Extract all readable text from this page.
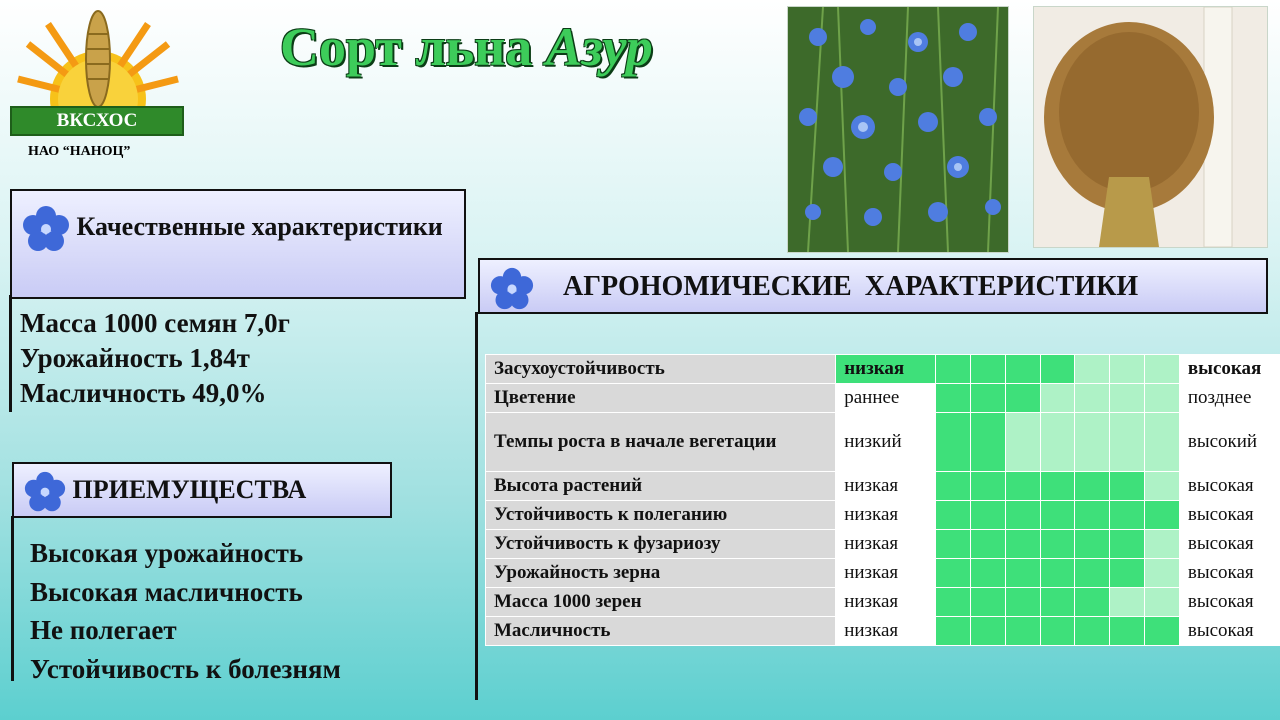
ВКСХОС
НАО “НАНОЦ”
Сорт льна Азур
Качественные характеристики
Масса 1000 семян 7,0г
Урожайность 1,84т
Масличность 49,0%
ПРИЕМУЩЕСТВА
Высокая урожайность
Высокая масличность
Не полегает
Устойчивость к болезням
АГРОНОМИЧЕСКИЕ ХАРАКТЕРИСТИКИ
Засухоустойчивость	низкая								высокая
Цветение	раннее								позднее
Темпы роста в начале вегетации	низкий								высокий
Высота растений	низкая								высокая
Устойчивость к полеганию	низкая								высокая
Устойчивость к фузариозу	низкая								высокая
Урожайность зерна	низкая								высокая
Масса 1000 зерен	низкая								высокая
Масличность	низкая								высокая
